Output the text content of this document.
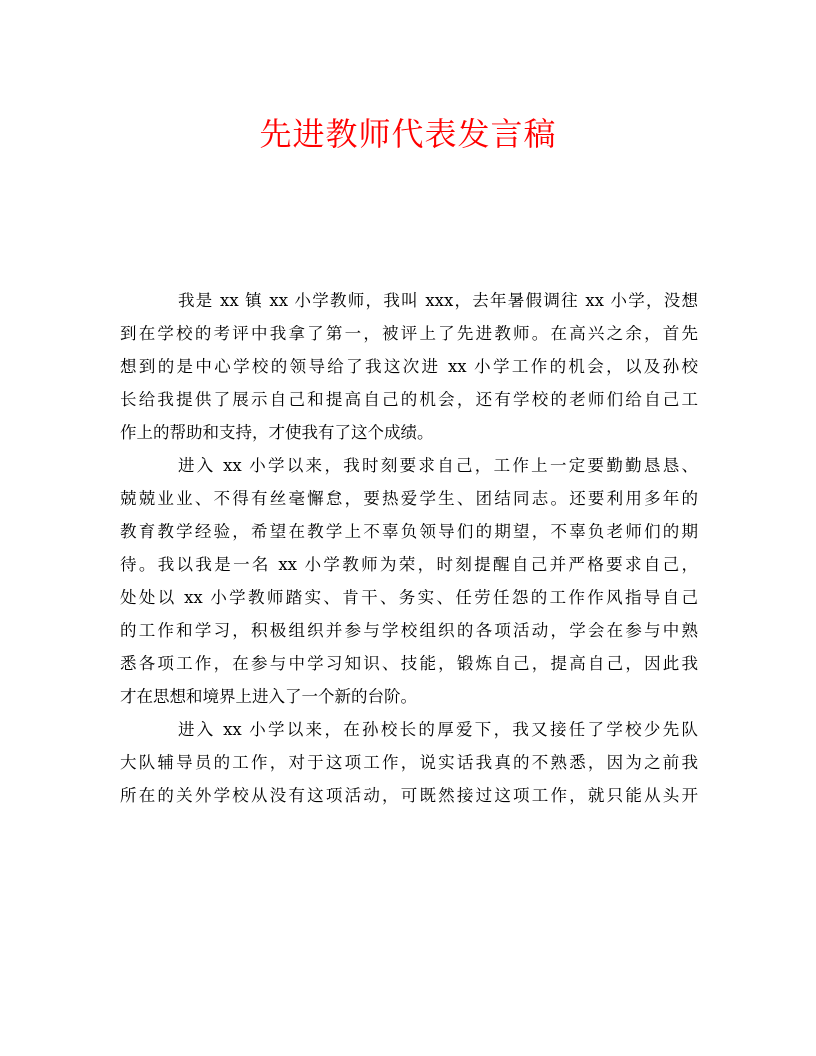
先进教师代表发言稿
我是 xx 镇 xx 小学教师，我叫 xxx，去年暑假调往 xx 小学，没想
到在学校的考评中我拿了第一，被评上了先进教师。在高兴之余，首先
想到的是中心学校的领导给了我这次进 xx 小学工作的机会，以及孙校
长给我提供了展示自己和提高自己的机会，还有学校的老师们给自己工
作上的帮助和支持，才使我有了这个成绩。
进入 xx 小学以来，我时刻要求自己，工作上一定要勤勤恳恳、
兢兢业业、不得有丝毫懈怠，要热爱学生、团结同志。还要利用多年的
教育教学经验，希望在教学上不辜负领导们的期望，不辜负老师们的期
待。我以我是一名 xx 小学教师为荣，时刻提醒自己并严格要求自己，
处处以 xx 小学教师踏实、肯干、务实、任劳任怨的工作作风指导自己
的工作和学习，积极组织并参与学校组织的各项活动，学会在参与中熟
悉各项工作，在参与中学习知识、技能，锻炼自己，提高自己，因此我
才在思想和境界上进入了一个新的台阶。
进入 xx 小学以来，在孙校长的厚爱下，我又接任了学校少先队
大队辅导员的工作，对于这项工作，说实话我真的不熟悉，因为之前我
所在的关外学校从没有这项活动，可既然接过这项工作，就只能从头开
